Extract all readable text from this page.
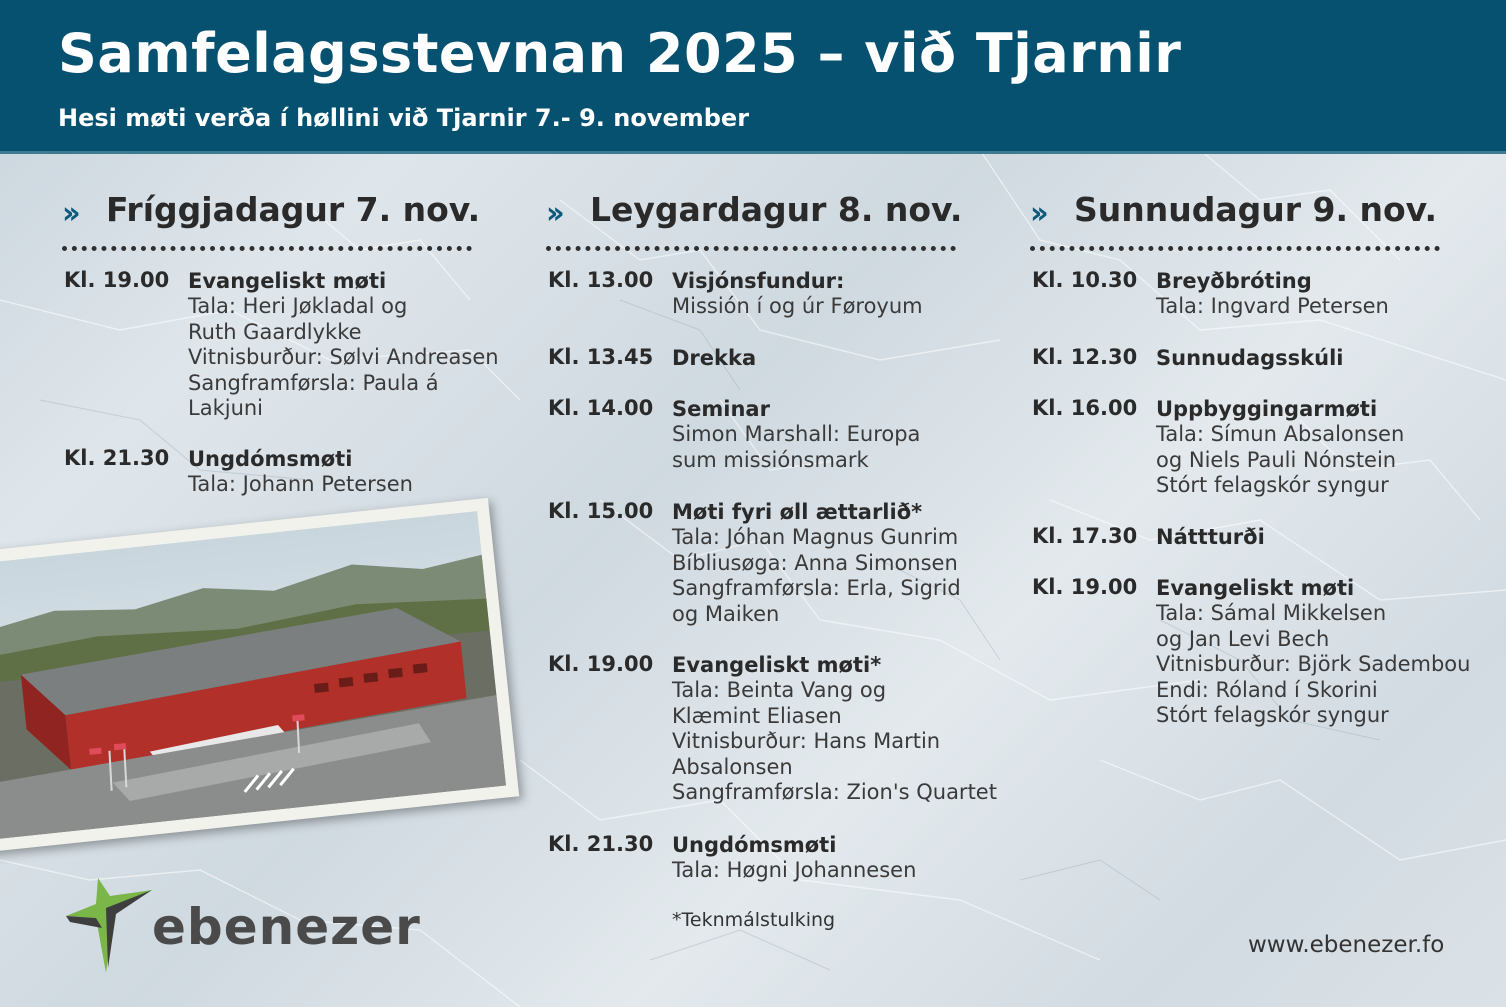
Samfelagsstevnan 2025 – við Tjarnir

Hesi møti verða í høllini við Tjarnir 7.- 9. november

›› Fríggjadagur 7. nov.
Kl. 19.00 Evangeliskt møti
Tala: Heri Jøkladal og
Ruth Gaardlykke
Vitnisburður: Sølvi Andreasen
Sangframførsla: Paula á
Lakjuni
Kl. 21.30 Ungdómsmøti
Tala: Johann Petersen
›› Leygardagur 8. nov.
Kl. 13.00 Visjónsfundur:
Missión í og úr Føroyum
Kl. 13.45 Drekka
Kl. 14.00 Seminar
Simon Marshall: Europa
sum missiónsmark
Kl. 15.00 Møti fyri øll ættarlið*
Tala: Jóhan Magnus Gunrim
Bíbliusøga: Anna Simonsen
Sangframførsla: Erla, Sigrid
og Maiken
Kl. 19.00 Evangeliskt møti*
Tala: Beinta Vang og
Klæmint Eliasen
Vitnisburður: Hans Martin
Absalonsen
Sangframførsla: Zion's Quartet
Kl. 21.30 Ungdómsmøti
Tala: Høgni Johannesen
›› Sunnudagur 9. nov.
Kl. 10.30 Breyðbróting
Tala: Ingvard Petersen
Kl. 12.30 Sunnudagsskúli
Kl. 16.00 Uppbyggingarmøti
Tala: Símun Absalonsen
og Niels Pauli Nónstein
Stórt felagskór syngur
Kl. 17.30 Náttturði
Kl. 19.00 Evangeliskt møti
Tala: Sámal Mikkelsen
og Jan Levi Bech
Vitnisburður: Björk Sadembou
Endi: Róland í Skorini
Stórt felagskór syngur
*Teknmálstulking
ebenezer	www.ebenezer.fo
